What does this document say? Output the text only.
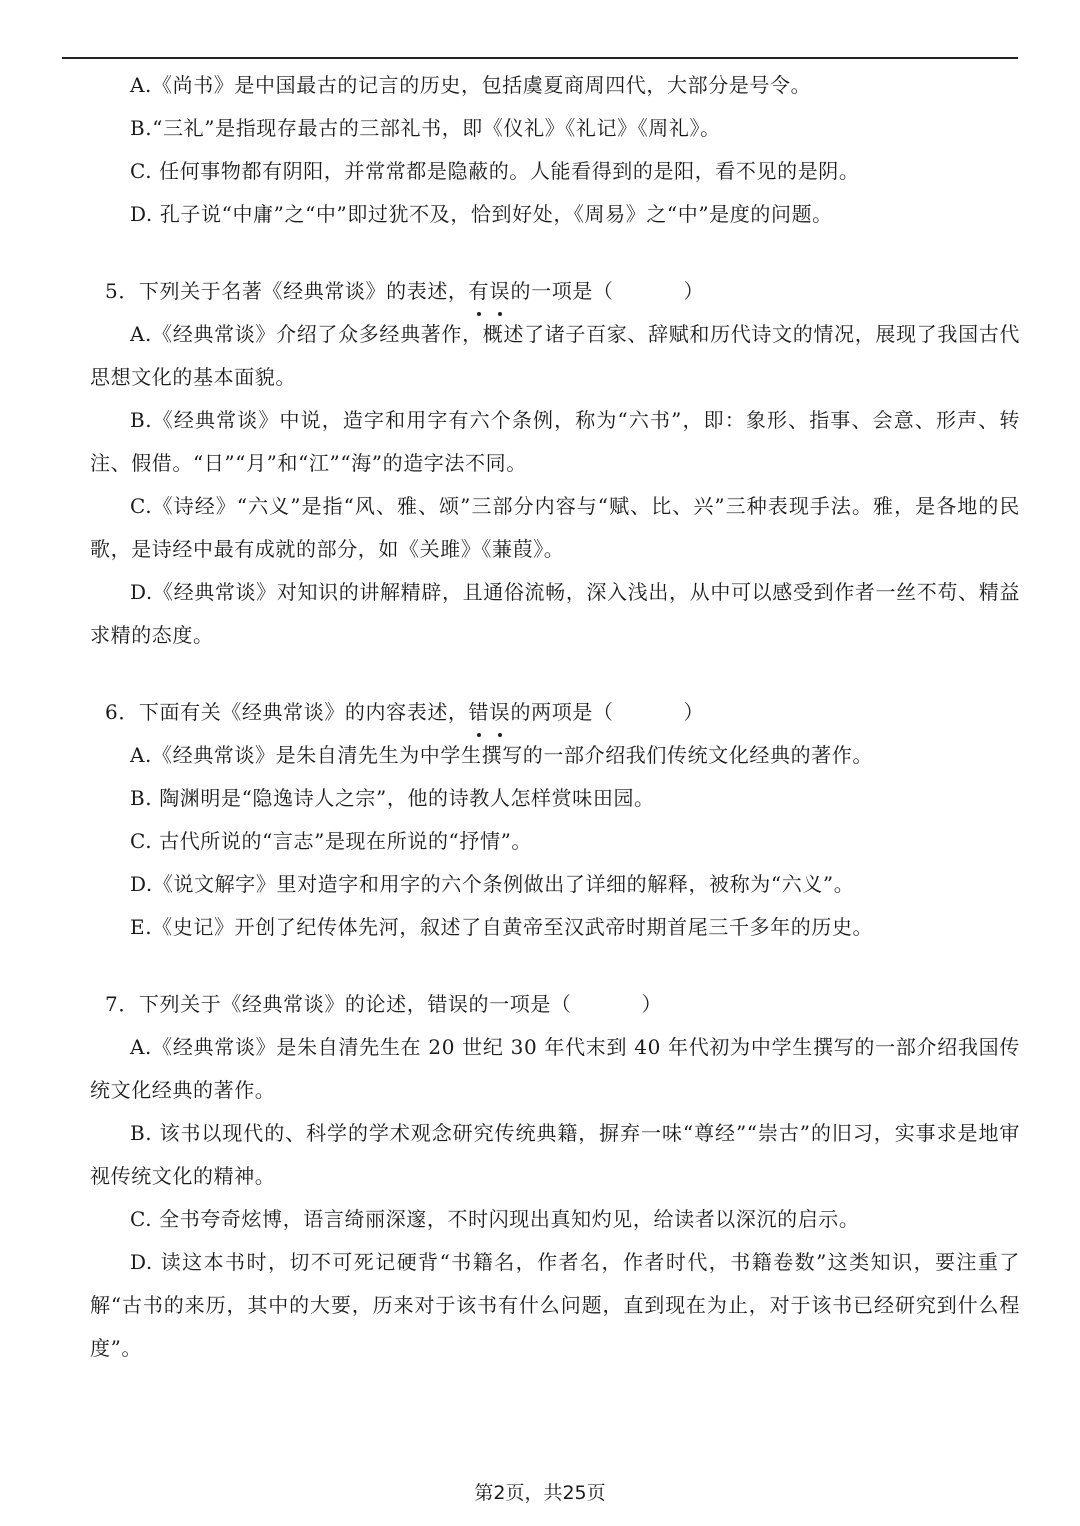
A.《尚书》是中国最古的记言的历史，包括虞夏商周四代，大部分是号令。

B.“三礼”是指现存最古的三部礼书，即《仪礼》《礼记》《周礼》。

C. 任何事物都有阴阳，并常常都是隐蔽的。人能看得到的是阳，看不见的是阴。

D. 孔子说“中庸”之“中”即过犹不及，恰到好处，《周易》之“中”是度的问题。

5．下列关于名著《经典常谈》的表述，有误的一项是（	）

A.《经典常谈》介绍了众多经典著作，概述了诸子百家、辞赋和历代诗文的情况，展现了我国古代思想文化的基本面貌。

B.《经典常谈》中说，造字和用字有六个条例，称为“六书”，即：象形、指事、会意、形声、转注、假借。“日”“月”和“江”“海”的造字法不同。

C.《诗经》“六义”是指“风、雅、颂”三部分内容与“赋、比、兴”三种表现手法。雅，是各地的民歌，是诗经中最有成就的部分，如《关雎》《蒹葭》。

D.《经典常谈》对知识的讲解精辟，且通俗流畅，深入浅出，从中可以感受到作者一丝不苟、精益求精的态度。

6．下面有关《经典常谈》的内容表述，错误的两项是（	）

A.《经典常谈》是朱自清先生为中学生撰写的一部介绍我们传统文化经典的著作。

B. 陶渊明是“隐逸诗人之宗”，他的诗教人怎样赏味田园。

C. 古代所说的“言志”是现在所说的“抒情”。

D.《说文解字》里对造字和用字的六个条例做出了详细的解释，被称为“六义”。

E.《史记》开创了纪传体先河，叙述了自黄帝至汉武帝时期首尾三千多年的历史。

7．下列关于《经典常谈》的论述，错误的一项是（	）

A.《经典常谈》是朱自清先生在 20 世纪 30 年代末到 40 年代初为中学生撰写的一部介绍我国传统文化经典的著作。

B. 该书以现代的、科学的学术观念研究传统典籍，摒弃一味“尊经”“崇古”的旧习，实事求是地审视传统文化的精神。

C. 全书夸奇炫博，语言绮丽深邃，不时闪现出真知灼见，给读者以深沉的启示。

D. 读这本书时，切不可死记硬背“书籍名，作者名，作者时代，书籍卷数”这类知识，要注重了解“古书的来历，其中的大要，历来对于该书有什么问题，直到现在为止，对于该书已经研究到什么程度”。

第2页，共25页
